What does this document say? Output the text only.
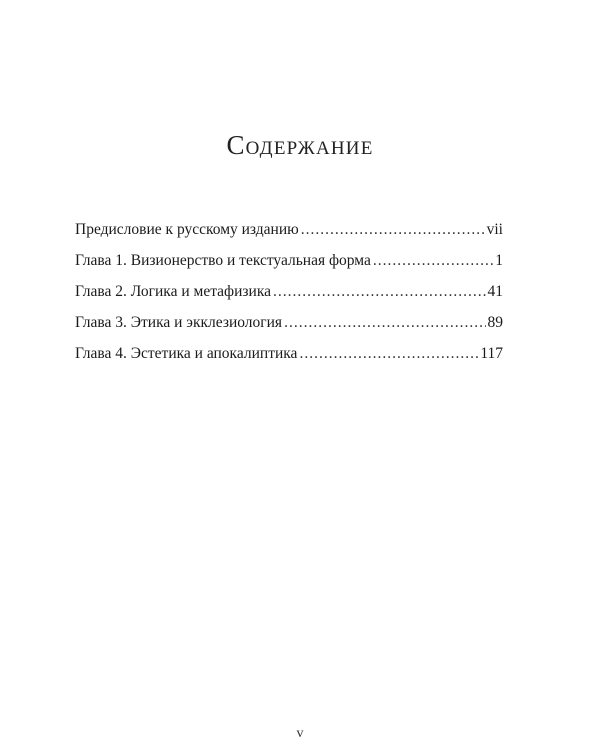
Содержание
Предисловие к русскому изданию .....	vii
Глава 1. Визионерство и текстуальная форма .....	1
Глава 2. Логика и метафизика .....	41
Глава 3. Этика и экклезиология .....	89
Глава 4. Эстетика и апокалиптика .....	117
v
